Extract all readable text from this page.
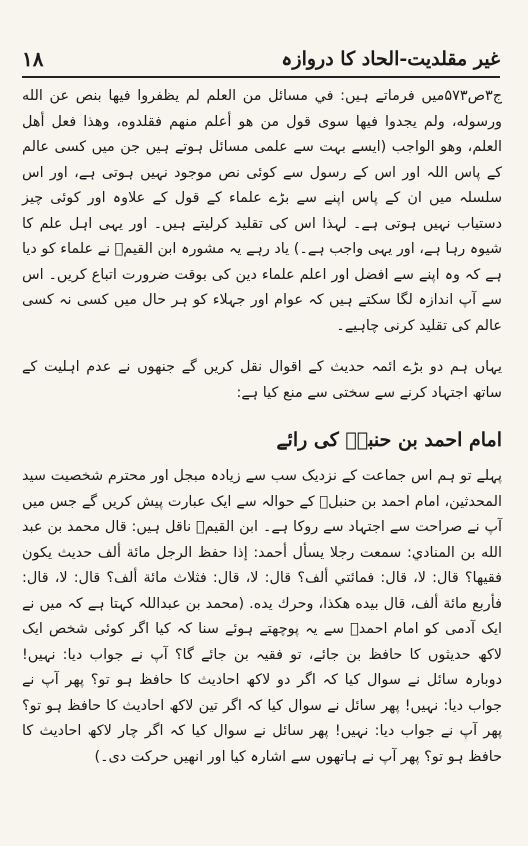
غیر مقلدیت-الحاد کا دروازہ
۱۸

ج۳ص۵۷۳میں فرماتے ہیں: في مسائل من العلم لم يظفروا فيها بنص عن الله ورسوله، ولم يجدوا فيها سوى قول من هو أعلم منهم فقلدوه، وهذا فعل أهل العلم، وهو الواجب (ایسے بہت سے علمی مسائل ہوتے ہیں جن میں کسی عالم کے پاس اللہ اور اس کے رسول سے کوئی نص موجود نہیں ہوتی ہے، اور اس سلسلہ میں ان کے پاس اپنے سے بڑے علماء کے قول کے علاوہ اور کوئی چیز دستیاب نہیں ہوتی ہے۔ لہذا اس کی تقلید کرلیتے ہیں۔ اور یہی اہل علم کا شیوہ رہا ہے، اور یہی واجب ہے۔) یاد رہے یہ مشورہ ابن القیمؒ نے علماء کو دیا ہے کہ وہ اپنے سے افضل اور اعلم علماء دین کی بوقت ضرورت اتباع کریں۔ اس سے آپ اندازہ لگا سکتے ہیں کہ عوام اور جہلاء کو ہر حال میں کسی نہ کسی عالم کی تقلید کرنی چاہیے۔

یہاں ہم دو بڑے ائمہ حدیث کے اقوال نقل کریں گے جنھوں نے عدم اہلیت کے ساتھ اجتہاد کرنے سے سختی سے منع کیا ہے:

امام احمد بن حنبلؒ کی رائے

پہلے تو ہم اس جماعت کے نزدیک سب سے زیادہ مبجل اور محترم شخصیت سید المحدثین، امام احمد بن حنبلؒ کے حوالہ سے ایک عبارت پیش کریں گے جس میں آپ نے صراحت سے اجتہاد سے روکا ہے۔ ابن القیمؒ ناقل ہیں: قال محمد بن عبد الله بن المنادي: سمعت رجلا يسأل أحمد: إذا حفظ الرجل مائة ألف حديث يكون فقيها؟ قال: لا، قال: فمائتي ألف؟ قال: لا، قال: فثلاث مائة ألف؟ قال: لا، قال: فأربع مائة ألف، قال بيده هكذا، وحرك يده. (محمد بن عبداللہ کہتا ہے کہ میں نے ایک آدمی کو امام احمدؒ سے یہ پوچھتے ہوئے سنا کہ کیا اگر کوئی شخص ایک لاکھ حدیثوں کا حافظ بن جائے، تو فقیہ بن جائے گا؟ آپ نے جواب دیا: نہیں! دوبارہ سائل نے سوال کیا کہ اگر دو لاکھ احادیث کا حافظ ہو تو؟ پھر آپ نے جواب دیا: نہیں! پھر سائل نے سوال کیا کہ اگر تین لاکھ احادیث کا حافظ ہو تو؟ پھر آپ نے جواب دیا: نہیں! پھر سائل نے سوال کیا کہ اگر چار لاکھ احادیث کا حافظ ہو تو؟ پھر آپ نے ہاتھوں سے اشارہ کیا اور انھیں حرکت دی۔)
